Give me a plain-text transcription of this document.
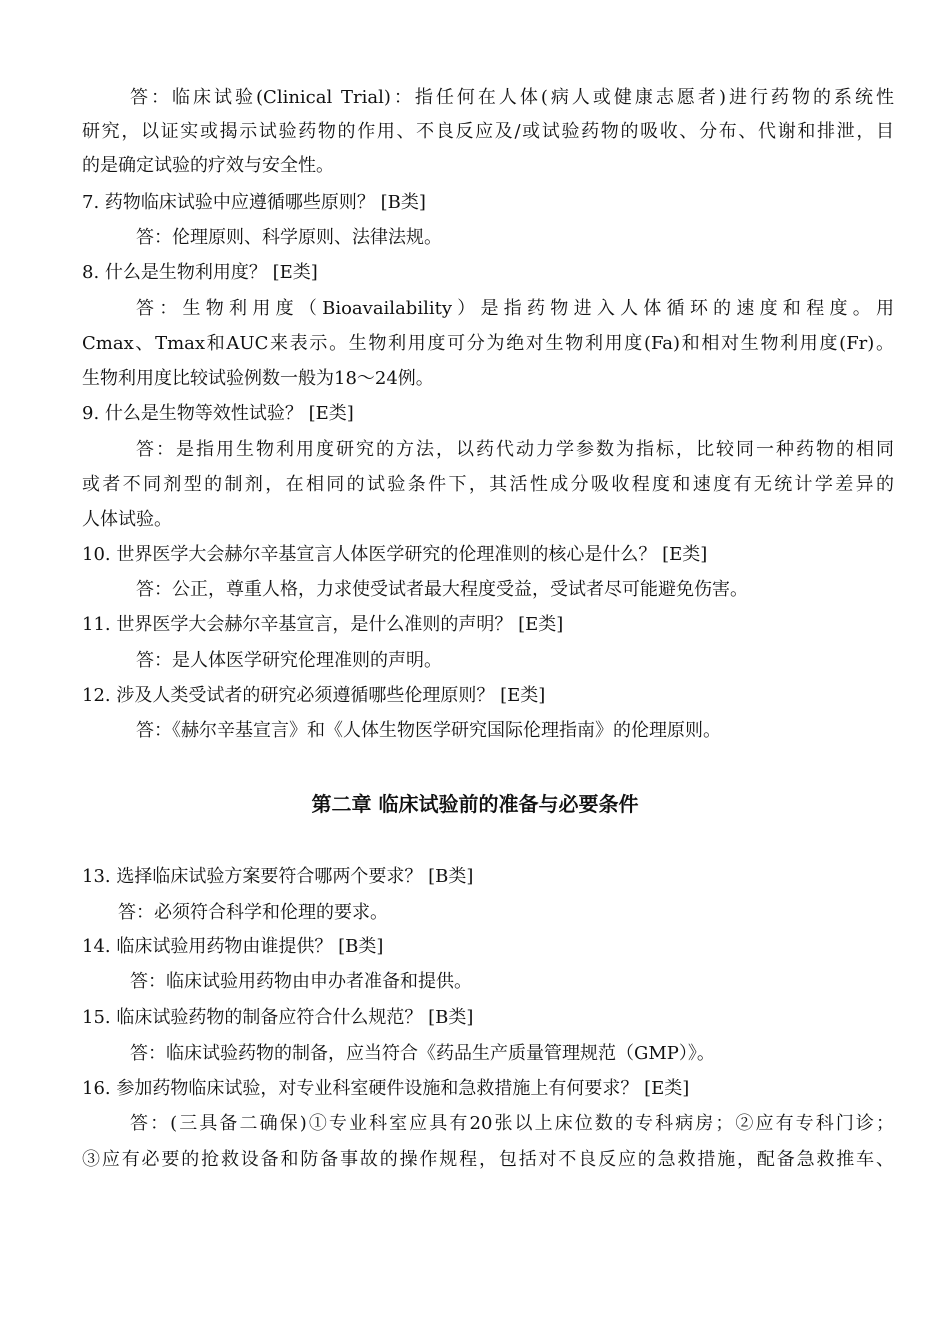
答：临床试验(Clinical Trial)：指任何在人体(病人或健康志愿者)进行药物的系统性
研究，以证实或揭示试验药物的作用、不良反应及/或试验药物的吸收、分布、代谢和排泄，目
的是确定试验的疗效与安全性。
7. 药物临床试验中应遵循哪些原则？ [B类]
答：伦理原则、科学原则、法律法规。
8. 什么是生物利用度？ [E类]
答：生物利用度（Bioavailability）是指药物进入人体循环的速度和程度。用
Cmax、Tmax和AUC来表示。生物利用度可分为绝对生物利用度(Fa)和相对生物利用度(Fr)。
生物利用度比较试验例数一般为18～24例。
9. 什么是生物等效性试验？ [E类]
答：是指用生物利用度研究的方法，以药代动力学参数为指标，比较同一种药物的相同
或者不同剂型的制剂，在相同的试验条件下，其活性成分吸收程度和速度有无统计学差异的
人体试验。
10. 世界医学大会赫尔辛基宣言人体医学研究的伦理准则的核心是什么？ [E类]
答：公正，尊重人格，力求使受试者最大程度受益，受试者尽可能避免伤害。
11. 世界医学大会赫尔辛基宣言，是什么准则的声明？ [E类]
答：是人体医学研究伦理准则的声明。
12. 涉及人类受试者的研究必须遵循哪些伦理原则？ [E类]
答：《赫尔辛基宣言》和《人体生物医学研究国际伦理指南》的伦理原则。
第二章 临床试验前的准备与必要条件
13. 选择临床试验方案要符合哪两个要求？ [B类]
答：必须符合科学和伦理的要求。
14. 临床试验用药物由谁提供？ [B类]
答：临床试验用药物由申办者准备和提供。
15. 临床试验药物的制备应符合什么规范？ [B类]
答：临床试验药物的制备，应当符合《药品生产质量管理规范（GMP）》。
16. 参加药物临床试验，对专业科室硬件设施和急救措施上有何要求？ [E类]
答：(三具备二确保)①专业科室应具有20张以上床位数的专科病房；②应有专科门诊；
③应有必要的抢救设备和防备事故的操作规程，包括对不良反应的急救措施，配备急救推车、
